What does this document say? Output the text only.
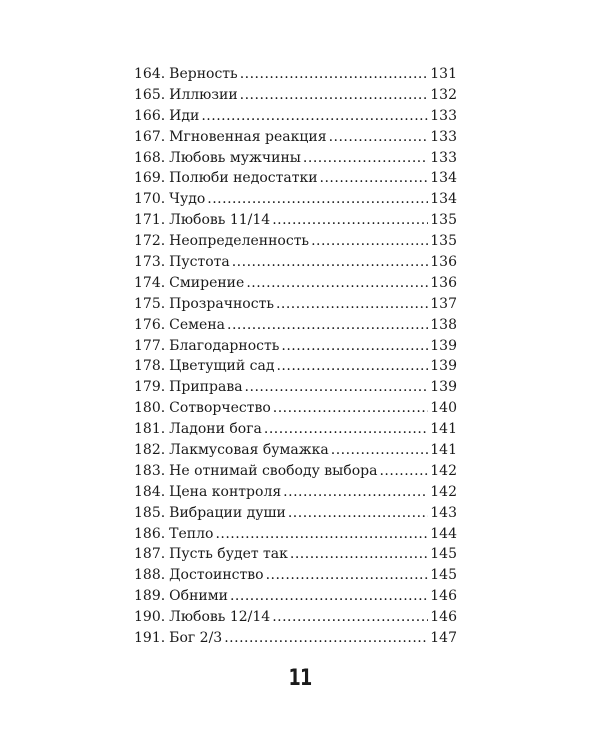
164. Верность .....	131
165. Иллюзии .....	132
166. Иди .....	133
167. Мгновенная реакция .....	133
168. Любовь мужчины .....	133
169. Полюби недостатки .....	134
170. Чудо .....	134
171. Любовь 11/14 .....	135
172. Неопределенность .....	135
173. Пустота .....	136
174. Смирение .....	136
175. Прозрачность .....	137
176. Семена .....	138
177. Благодарность .....	139
178. Цветущий сад .....	139
179. Приправа .....	139
180. Сотворчество .....	140
181. Ладони бога .....	141
182. Лакмусовая бумажка .....	141
183. Не отнимай свободу выбора .....	142
184. Цена контроля .....	142
185. Вибрации души .....	143
186. Тепло .....	144
187. Пусть будет так .....	145
188. Достоинство .....	145
189. Обними .....	146
190. Любовь 12/14 .....	146
191. Бог 2/3 .....	147
11
